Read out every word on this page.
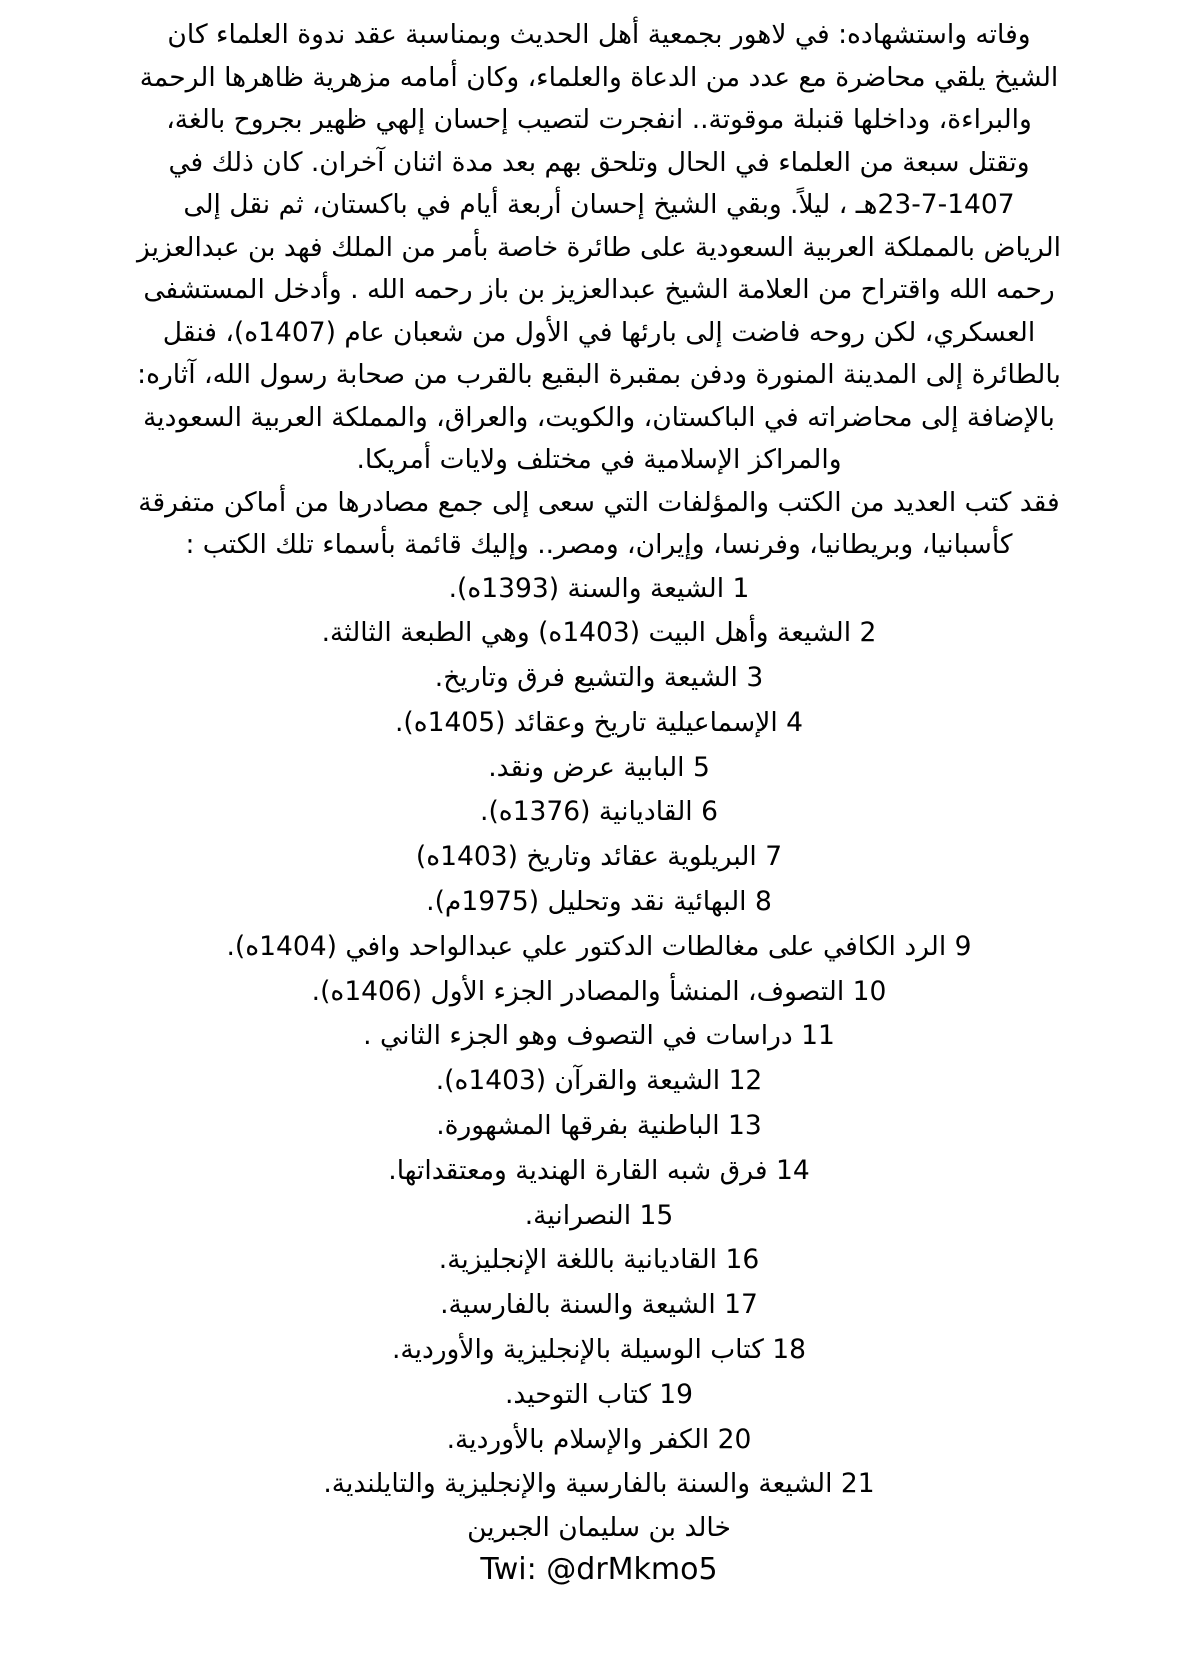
وفاته واستشهاده: في لاهور بجمعية أهل الحديث وبمناسبة عقد ندوة العلماء كان
الشيخ يلقي محاضرة مع عدد من الدعاة والعلماء، وكان أمامه مزهرية ظاهرها الرحمة
والبراءة، وداخلها قنبلة موقوتة.. انفجرت لتصيب إحسان إلهي ظهير بجروح بالغة،
وتقتل سبعة من العلماء في الحال وتلحق بهم بعد مدة اثنان آخران. كان ذلك في
23-7-1407هـ ، ليلاً. وبقي الشيخ إحسان أربعة أيام في باكستان، ثم نقل إلى
الرياض بالمملكة العربية السعودية على طائرة خاصة بأمر من الملك فهد بن عبدالعزيز
رحمه الله واقتراح من العلامة الشيخ عبدالعزيز بن باز رحمه الله . وأدخل المستشفى
العسكري، لكن روحه فاضت إلى بارئها في الأول من شعبان عام (1407ه)، فنقل
بالطائرة إلى المدينة المنورة ودفن بمقبرة البقيع بالقرب من صحابة رسول الله، آثاره:
بالإضافة إلى محاضراته في الباكستان، والكويت، والعراق، والمملكة العربية السعودية
والمراكز الإسلامية في مختلف ولايات أمريكا.
فقد كتب العديد من الكتب والمؤلفات التي سعى إلى جمع مصادرها من أماكن متفرقة
كأسبانيا، وبريطانيا، وفرنسا، وإيران، ومصر.. وإليك قائمة بأسماء تلك الكتب :
1 الشيعة والسنة (1393ه).
2 الشيعة وأهل البيت (1403ه) وهي الطبعة الثالثة.
3 الشيعة والتشيع فرق وتاريخ.
4 الإسماعيلية تاريخ وعقائد (1405ه).
5 البابية عرض ونقد.
6 القاديانية (1376ه).
7 البريلوية عقائد وتاريخ (1403ه)
8 البهائية نقد وتحليل (1975م).
9 الرد الكافي على مغالطات الدكتور علي عبدالواحد وافي (1404ه).
10 التصوف، المنشأ والمصادر الجزء الأول (1406ه).
11 دراسات في التصوف وهو الجزء الثاني .
12 الشيعة والقرآن (1403ه).
13 الباطنية بفرقها المشهورة.
14 فرق شبه القارة الهندية ومعتقداتها.
15 النصرانية.
16 القاديانية باللغة الإنجليزية.
17 الشيعة والسنة بالفارسية.
18 كتاب الوسيلة بالإنجليزية والأوردية.
19 كتاب التوحيد.
20 الكفر والإسلام بالأوردية.
21 الشيعة والسنة بالفارسية والإنجليزية والتايلندية.
خالد بن سليمان الجبرين
Twi: @drMkmo5
